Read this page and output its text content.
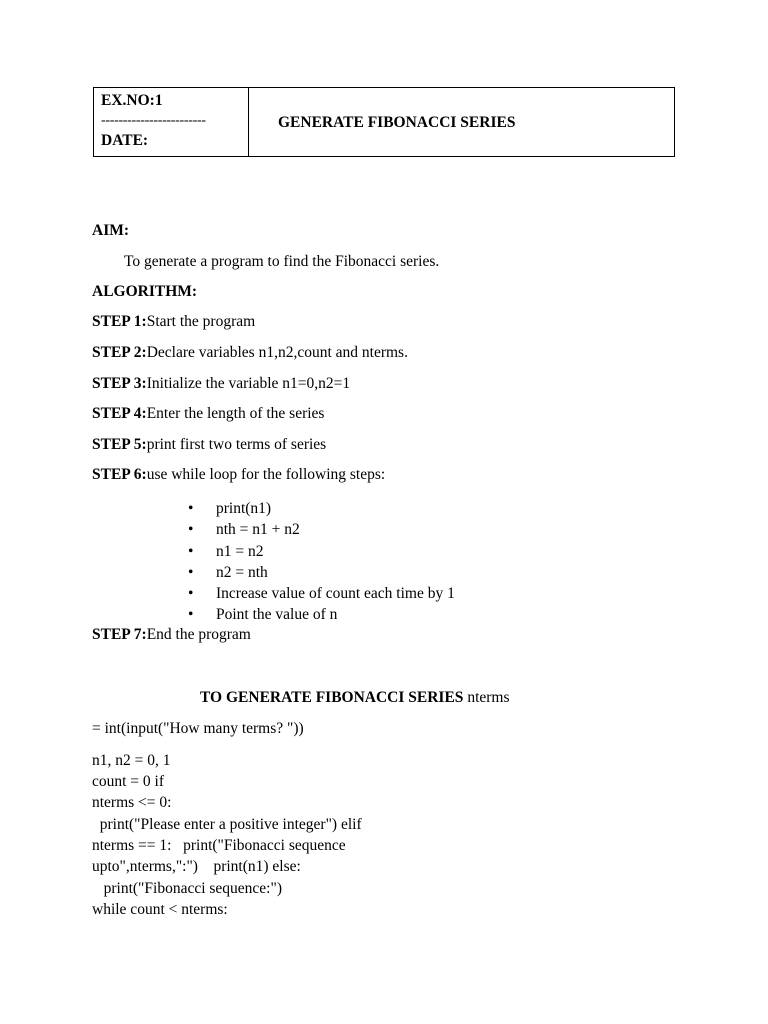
EX.NO:1
------------------------
DATE:
GENERATE FIBONACCI SERIES
AIM:
To generate a program to find the Fibonacci series.
ALGORITHM:
STEP 1:Start the program
STEP 2:Declare variables n1,n2,count and nterms.
STEP 3:Initialize the variable n1=0,n2=1
STEP 4:Enter the length of the series
STEP 5:print first two terms of series
STEP 6:use while loop for the following steps:
• print(n1)
• nth = n1 + n2
• n1 = n2
• n2 = nth
• Increase value of count each time by 1
• Point the value of n
STEP 7:End the program
TO GENERATE FIBONACCI SERIES nterms
= int(input("How many terms? "))
n1, n2 = 0, 1
count = 0 if
nterms <= 0:
print("Please enter a positive integer") elif
nterms == 1:   print("Fibonacci sequence
upto",nterms,":")    print(n1) else:
print("Fibonacci sequence:")
while count < nterms:
